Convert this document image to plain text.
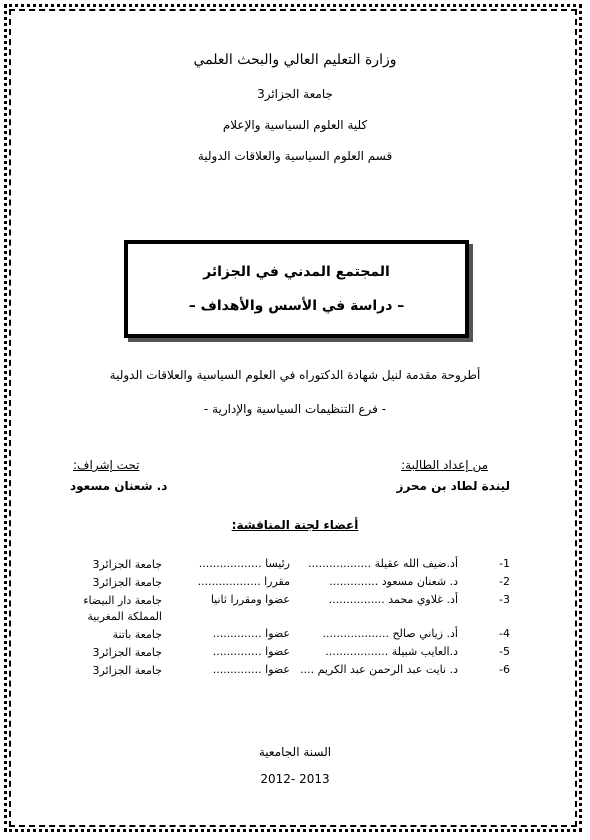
وزارة التعليم العالي والبحث العلمي
جامعة الجزائر3
كلية العلوم السياسية والإعلام
قسم العلوم السياسية والعلاقات الدولية
المجتمع المدني في الجزائر
– دراسة في الأسس والأهداف –
أطروحة مقدمة لنيل شهادة الدكتوراه في العلوم السياسية والعلاقات الدولية
- فرع التنظيمات السياسية والإدارية -
من إعداد الطالبة:
ليندة لطاد بن محرز
تحت إشراف:
د. شعنان مسعود
أعضاء لجنة المناقشة:
-1
أد.ضيف الله عقيلة ..................
رئيسا ..................
جامعة الجزائر3
-2
د. شعنان مسعود ..............
مقررا ..................
جامعة الجزائر3
-3
أد. غلاوي محمد ................
عضوا ومقررا ثانيا
جامعة دار البيضاء المملكة المغربية
-4
أد. زياني صالح ...................
عضوا ..............
جامعة باتنة
-5
د.العايب شبيلة ..................
عضوا ..............
جامعة الجزائر3
-6
د. نايت عبد الرحمن عبد الكريم ....
عضوا ..............
جامعة الجزائر3
السنة الجامعية
2013 -2012
